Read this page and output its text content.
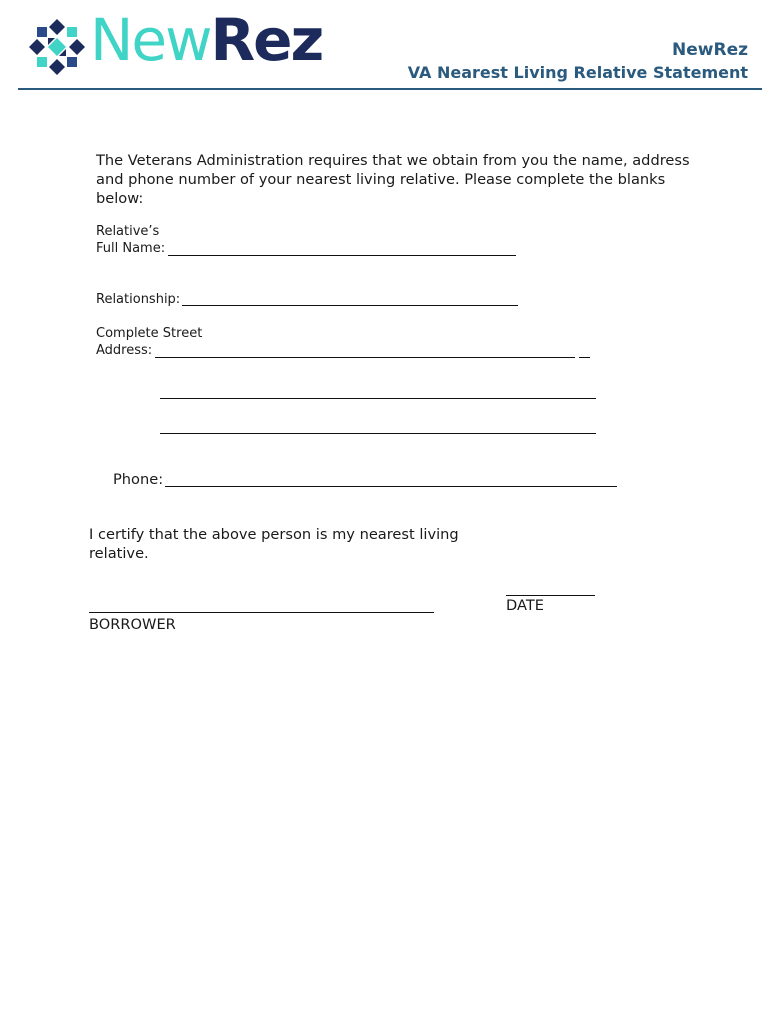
NewRez	NewRez
VA Nearest Living Relative Statement
The Veterans Administration requires that we obtain from you the name, address
and phone number of your nearest living relative. Please complete the blanks below:
Relative’s
Full Name:
Relationship:
Complete Street
Address:
Phone:
I certify that the above person is my nearest living
relative.
DATE
BORROWER
